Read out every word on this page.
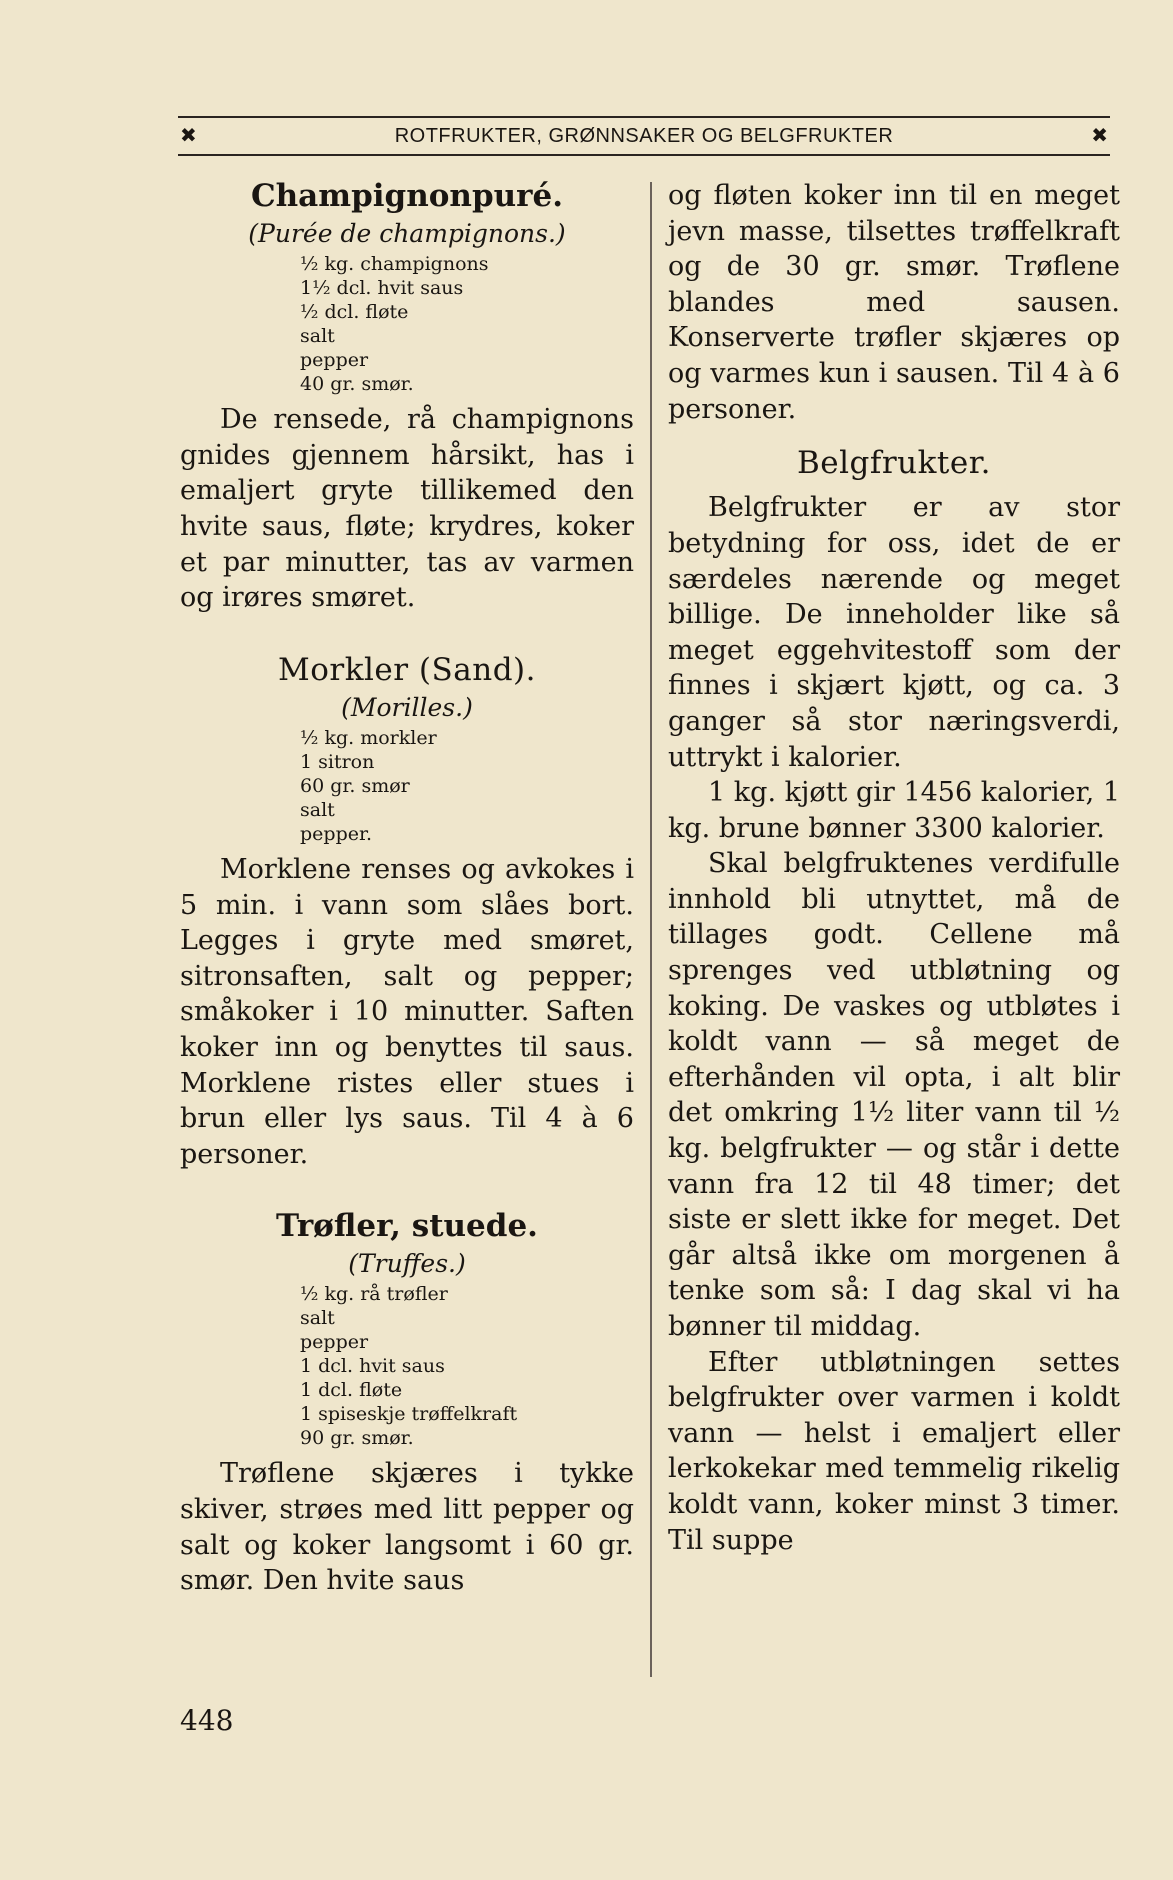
✖	ROTFRUKTER, GRØNNSAKER OG BELGFRUKTER	✖
Champignonpuré.
(Purée de champignons.)
½ kg. champignons
1½ dcl. hvit saus
½ dcl. fløte
salt
pepper
40 gr. smør.

De rensede, rå champignons gnides gjennem hårsikt, has i emaljert gryte tillikemed den hvite saus, fløte; krydres, koker et par minutter, tas av varmen og irøres smøret.

Morkler (Sand).
(Morilles.)
½ kg. morkler
1 sitron
60 gr. smør
salt
pepper.

Morklene renses og avkokes i 5 min. i vann som slåes bort. Legges i gryte med smøret, sitronsaften, salt og pepper; småkoker i 10 minutter. Saften koker inn og benyttes til saus. Morklene ristes eller stues i brun eller lys saus. Til 4 à 6 personer.

Trøfler, stuede.
(Truffes.)
½ kg. rå trøfler
salt
pepper
1 dcl. hvit saus
1 dcl. fløte
1 spiseskje trøffelkraft
90 gr. smør.

Trøflene skjæres i tykke skiver, strøes med litt pepper og salt og koker langsomt i 60 gr. smør. Den hvite saus

og fløten koker inn til en meget jevn masse, tilsettes trøffelkraft og de 30 gr. smør. Trøflene blandes med sausen. Konserverte trøfler skjæres op og varmes kun i sausen. Til 4 à 6 personer.

Belgfrukter.

Belgfrukter er av stor betydning for oss, idet de er særdeles nærende og meget billige. De inneholder like så meget eggehvitestoff som der finnes i skjært kjøtt, og ca. 3 ganger så stor næringsverdi, uttrykt i kalorier.

1 kg. kjøtt gir 1456 kalorier, 1 kg. brune bønner 3300 kalorier.

Skal belgfruktenes verdifulle innhold bli utnyttet, må de tillages godt. Cellene må sprenges ved utbløtning og koking. De vaskes og utbløtes i koldt vann — så meget de efterhånden vil opta, i alt blir det omkring 1½ liter vann til ½ kg. belgfrukter — og står i dette vann fra 12 til 48 timer; det siste er slett ikke for meget. Det går altså ikke om morgenen å tenke som så: I dag skal vi ha bønner til middag.

Efter utbløtningen settes belgfrukter over varmen i koldt vann — helst i emaljert eller lerkokekar med temmelig rikelig koldt vann, koker minst 3 timer. Til suppe

448
